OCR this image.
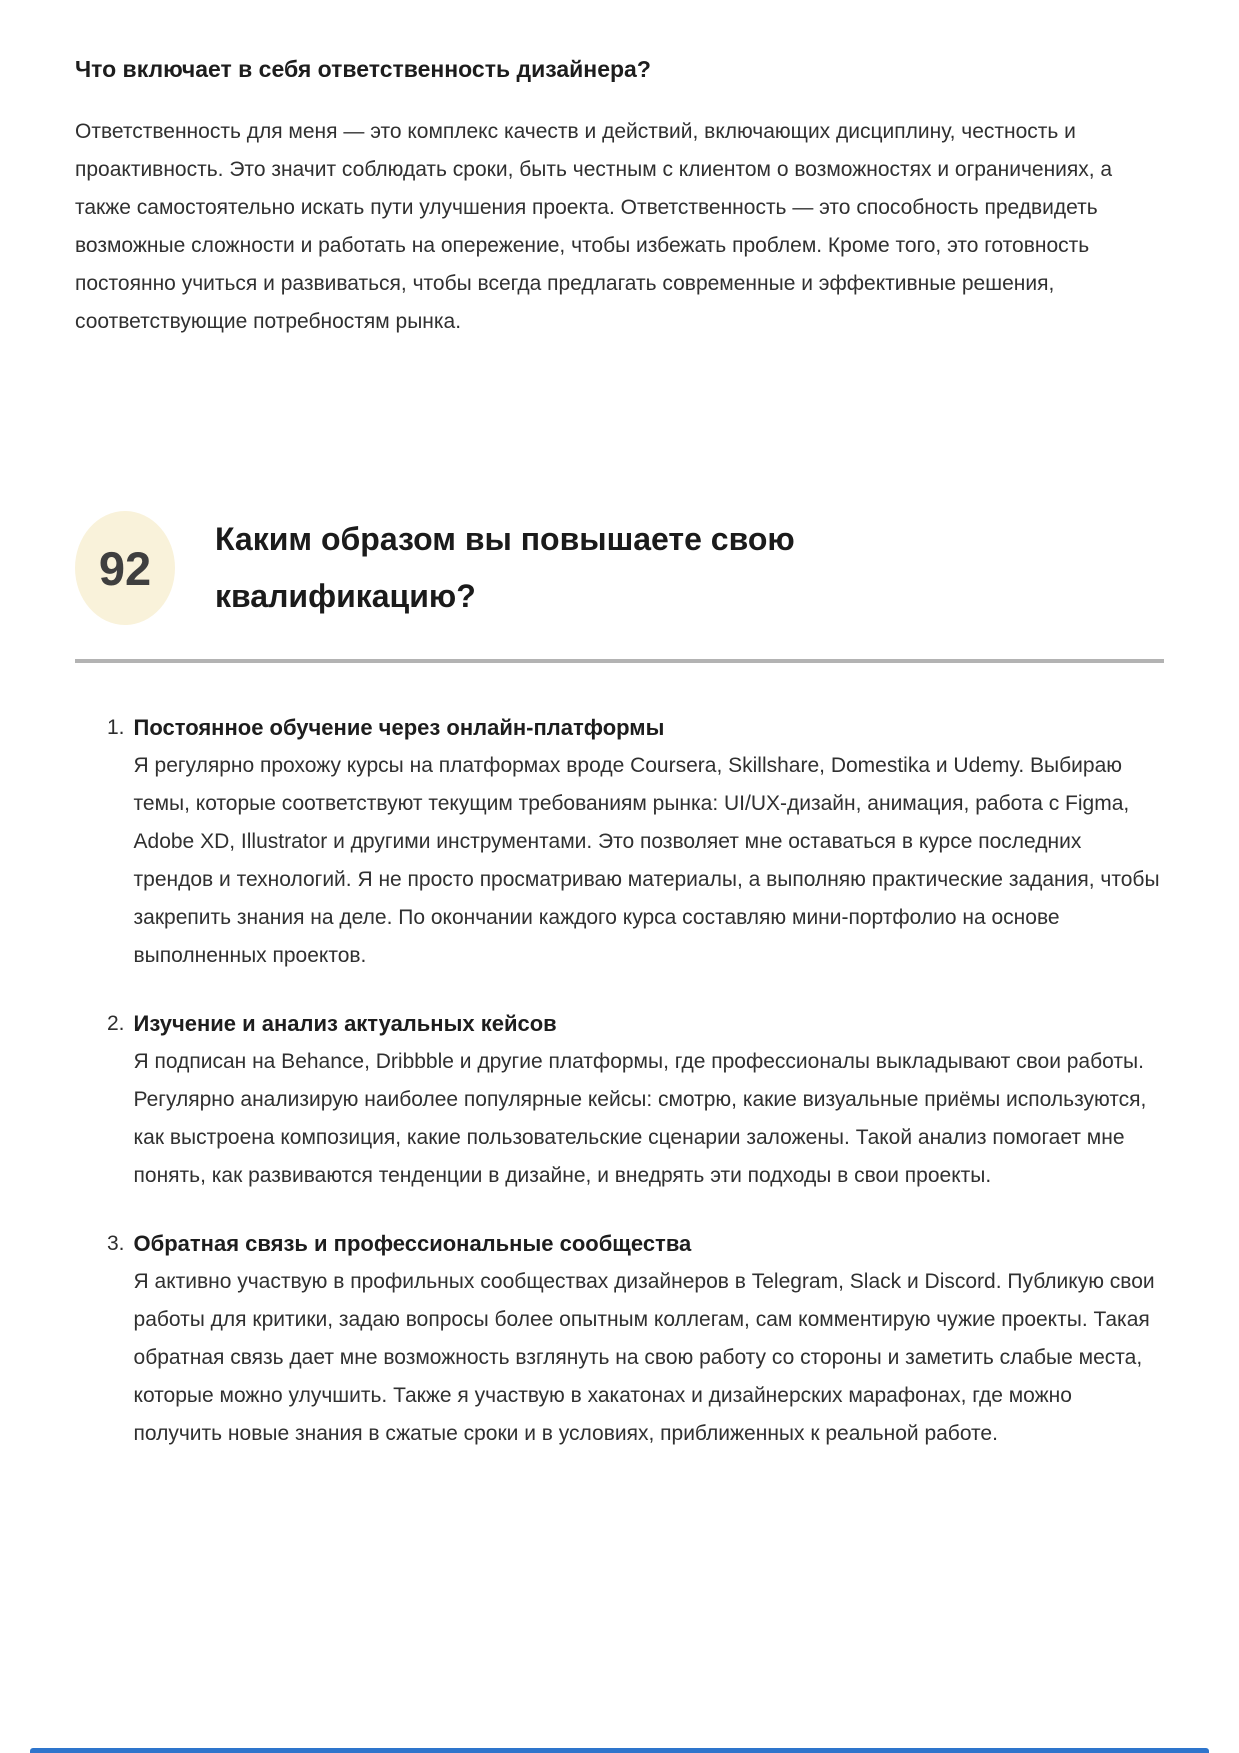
Что включает в себя ответственность дизайнера?

Ответственность для меня — это комплекс качеств и действий, включающих дисциплину, честность и проактивность. Это значит соблюдать сроки, быть честным с клиентом о возможностях и ограничениях, а также самостоятельно искать пути улучшения проекта. Ответственность — это способность предвидеть возможные сложности и работать на опережение, чтобы избежать проблем. Кроме того, это готовность постоянно учиться и развиваться, чтобы всегда предлагать современные и эффективные решения, соответствующие потребностям рынка.

92
Каким образом вы повышаете свою квалификацию?
1. Постоянное обучение через онлайн-платформы

Я регулярно прохожу курсы на платформах вроде Coursera, Skillshare, Domestika и Udemy. Выбираю темы, которые соответствуют текущим требованиям рынка: UI/UX-дизайн, анимация, работа с Figma, Adobe XD, Illustrator и другими инструментами. Это позволяет мне оставаться в курсе последних трендов и технологий. Я не просто просматриваю материалы, а выполняю практические задания, чтобы закрепить знания на деле. По окончании каждого курса составляю мини-портфолио на основе выполненных проектов.

2. Изучение и анализ актуальных кейсов

Я подписан на Behance, Dribbble и другие платформы, где профессионалы выкладывают свои работы. Регулярно анализирую наиболее популярные кейсы: смотрю, какие визуальные приёмы используются, как выстроена композиция, какие пользовательские сценарии заложены. Такой анализ помогает мне понять, как развиваются тенденции в дизайне, и внедрять эти подходы в свои проекты.

3. Обратная связь и профессиональные сообщества

Я активно участвую в профильных сообществах дизайнеров в Telegram, Slack и Discord. Публикую свои работы для критики, задаю вопросы более опытным коллегам, сам комментирую чужие проекты. Такая обратная связь дает мне возможность взглянуть на свою работу со стороны и заметить слабые места, которые можно улучшить. Также я участвую в хакатонах и дизайнерских марафонах, где можно получить новые знания в сжатые сроки и в условиях, приближенных к реальной работе.
